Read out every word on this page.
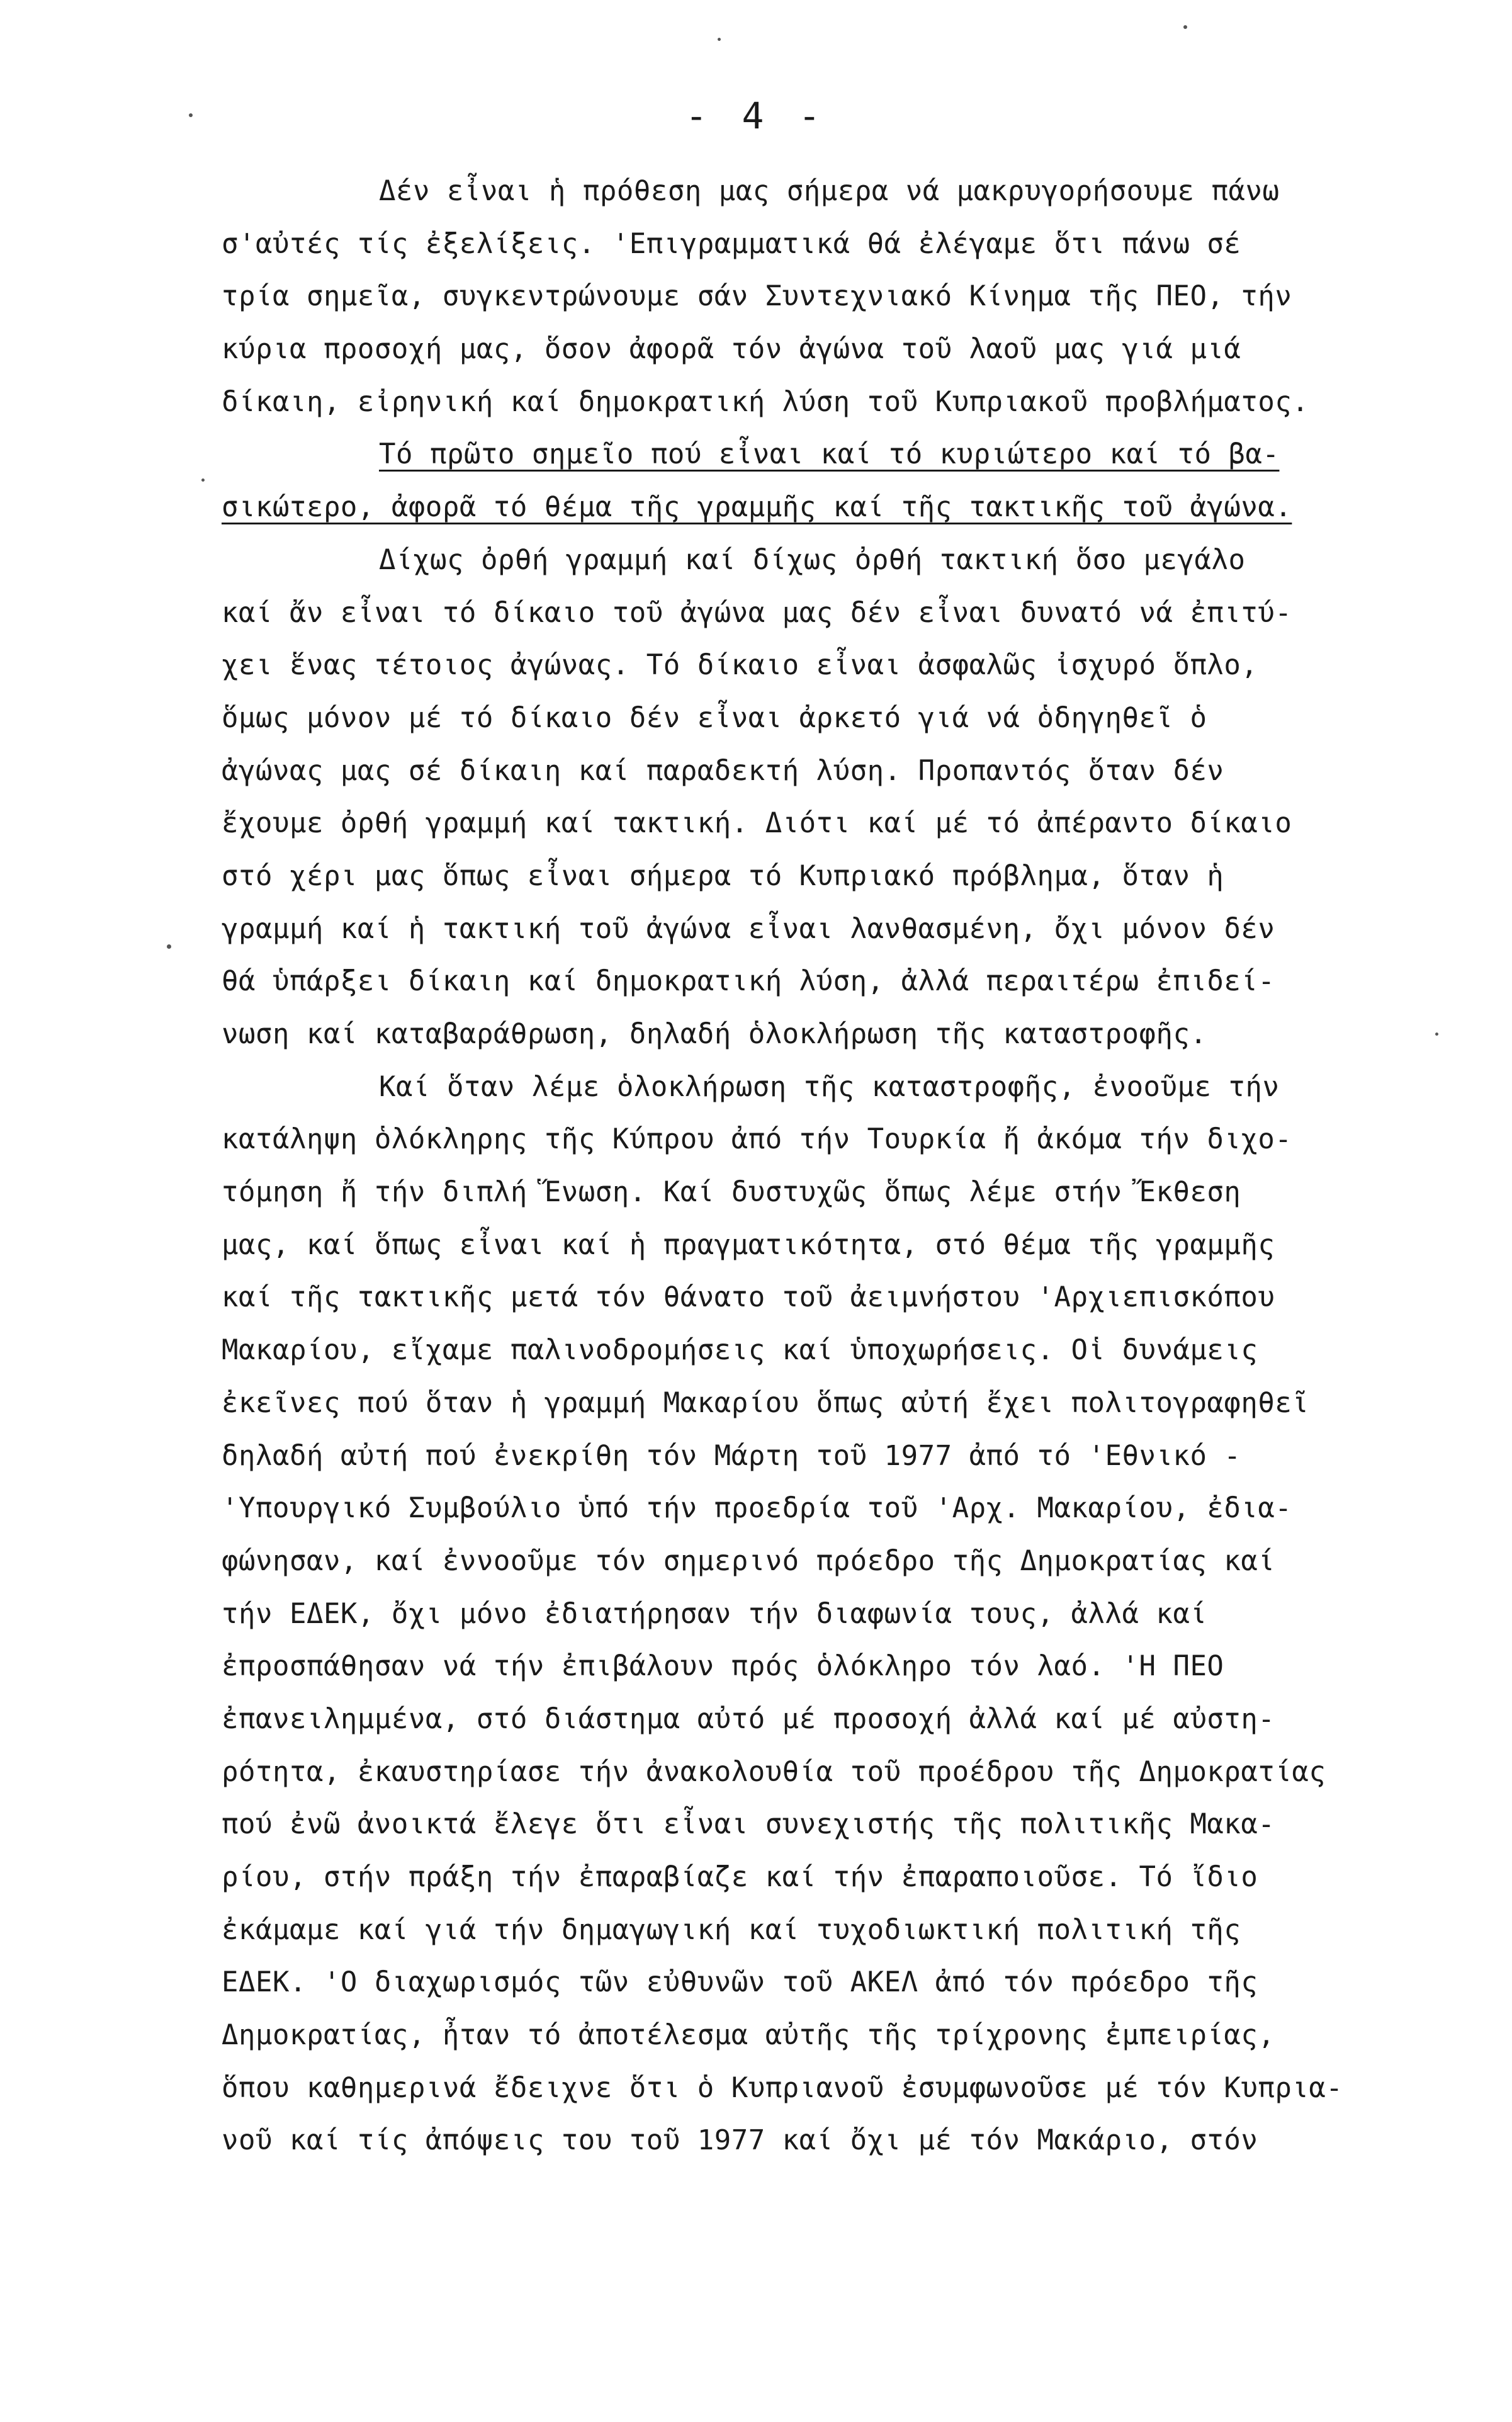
- 4 -
Δέν εἶναι ἡ πρόθεση μας σήμερα νά μακρυγορήσουμε πάνω
σ'αὐτές τίς ἐξελίξεις. 'Επιγραμματικά θά ἐλέγαμε ὅτι πάνω σέ
τρία σημεῖα, συγκεντρώνουμε σάν Συντεχνιακό Κίνημα τῆς ΠΕΟ, τήν
κύρια προσοχή μας, ὅσον ἀφορᾶ τόν ἀγώνα τοῦ λαοῦ μας γιά μιά
δίκαιη, εἰρηνική καί δημοκρατική λύση τοῦ Κυπριακοῦ προβλήματος.
Τό πρῶτο σημεῖο πού εἶναι καί τό κυριώτερο καί τό βα-
σικώτερο, ἀφορᾶ τό θέμα τῆς γραμμῆς καί τῆς τακτικῆς τοῦ ἀγώνα.
Δίχως ὀρθή γραμμή καί δίχως ὀρθή τακτική ὅσο μεγάλο
καί ἄν εἶναι τό δίκαιο τοῦ ἀγώνα μας δέν εἶναι δυνατό νά ἐπιτύ-
χει ἕνας τέτοιος ἀγώνας. Τό δίκαιο εἶναι ἀσφαλῶς ἰσχυρό ὅπλο,
ὅμως μόνον μέ τό δίκαιο δέν εἶναι ἀρκετό γιά νά ὁδηγηθεῖ ὁ
ἀγώνας μας σέ δίκαιη καί παραδεκτή λύση. Προπαντός ὅταν δέν
ἔχουμε ὀρθή γραμμή καί τακτική. Διότι καί μέ τό ἀπέραντο δίκαιο
στό χέρι μας ὅπως εἶναι σήμερα τό Κυπριακό πρόβλημα, ὅταν ἡ
γραμμή καί ἡ τακτική τοῦ ἀγώνα εἶναι λανθασμένη, ὄχι μόνον δέν
θά ὑπάρξει δίκαιη καί δημοκρατική λύση, ἀλλά περαιτέρω ἐπιδεί-
νωση καί καταβαράθρωση, δηλαδή ὁλοκλήρωση τῆς καταστροφῆς.
Καί ὅταν λέμε ὁλοκλήρωση τῆς καταστροφῆς, ἐνοοῦμε τήν
κατάληψη ὁλόκληρης τῆς Κύπρου ἀπό τήν Τουρκία ἤ ἀκόμα τήν διχο-
τόμηση ἤ τήν διπλή Ἕνωση. Καί δυστυχῶς ὅπως λέμε στήν Ἔκθεση
μας, καί ὅπως εἶναι καί ἡ πραγματικότητα, στό θέμα τῆς γραμμῆς
καί τῆς τακτικῆς μετά τόν θάνατο τοῦ ἀειμνήστου 'Αρχιεπισκόπου
Μακαρίου, εἴχαμε παλινοδρομήσεις καί ὑποχωρήσεις. Οἱ δυνάμεις
ἐκεῖνες πού ὅταν ἡ γραμμή Μακαρίου ὅπως αὐτή ἔχει πολιτογραφηθεῖ
δηλαδή αὐτή πού ἐνεκρίθη τόν Μάρτη τοῦ 1977 ἀπό τό 'Εθνικό -
'Υπουργικό Συμβούλιο ὑπό τήν προεδρία τοῦ 'Αρχ. Μακαρίου, ἐδια-
φώνησαν, καί ἐννοοῦμε τόν σημερινό πρόεδρο τῆς Δημοκρατίας καί
τήν ΕΔΕΚ, ὄχι μόνο ἐδιατήρησαν τήν διαφωνία τους, ἀλλά καί
ἐπροσπάθησαν νά τήν ἐπιβάλουν πρός ὁλόκληρο τόν λαό. 'Η ΠΕΟ
ἐπανειλημμένα, στό διάστημα αὐτό μέ προσοχή ἀλλά καί μέ αὐστη-
ρότητα, ἐκαυστηρίασε τήν ἀνακολουθία τοῦ προέδρου τῆς Δημοκρατίας
πού ἐνῶ ἀνοικτά ἔλεγε ὅτι εἶναι συνεχιστής τῆς πολιτικῆς Μακα-
ρίου, στήν πράξη τήν ἐπαραβίαζε καί τήν ἐπαραποιοῦσε. Τό ἴδιο
ἐκάμαμε καί γιά τήν δημαγωγική καί τυχοδιωκτική πολιτική τῆς
ΕΔΕΚ. 'Ο διαχωρισμός τῶν εὐθυνῶν τοῦ ΑΚΕΛ ἀπό τόν πρόεδρο τῆς
Δημοκρατίας, ἦταν τό ἀποτέλεσμα αὐτῆς τῆς τρίχρονης ἐμπειρίας,
ὅπου καθημερινά ἔδειχνε ὅτι ὁ Κυπριανοῦ ἐσυμφωνοῦσε μέ τόν Κυπρια-
νοῦ καί τίς ἀπόψεις του τοῦ 1977 καί ὄχι μέ τόν Μακάριο, στόν
